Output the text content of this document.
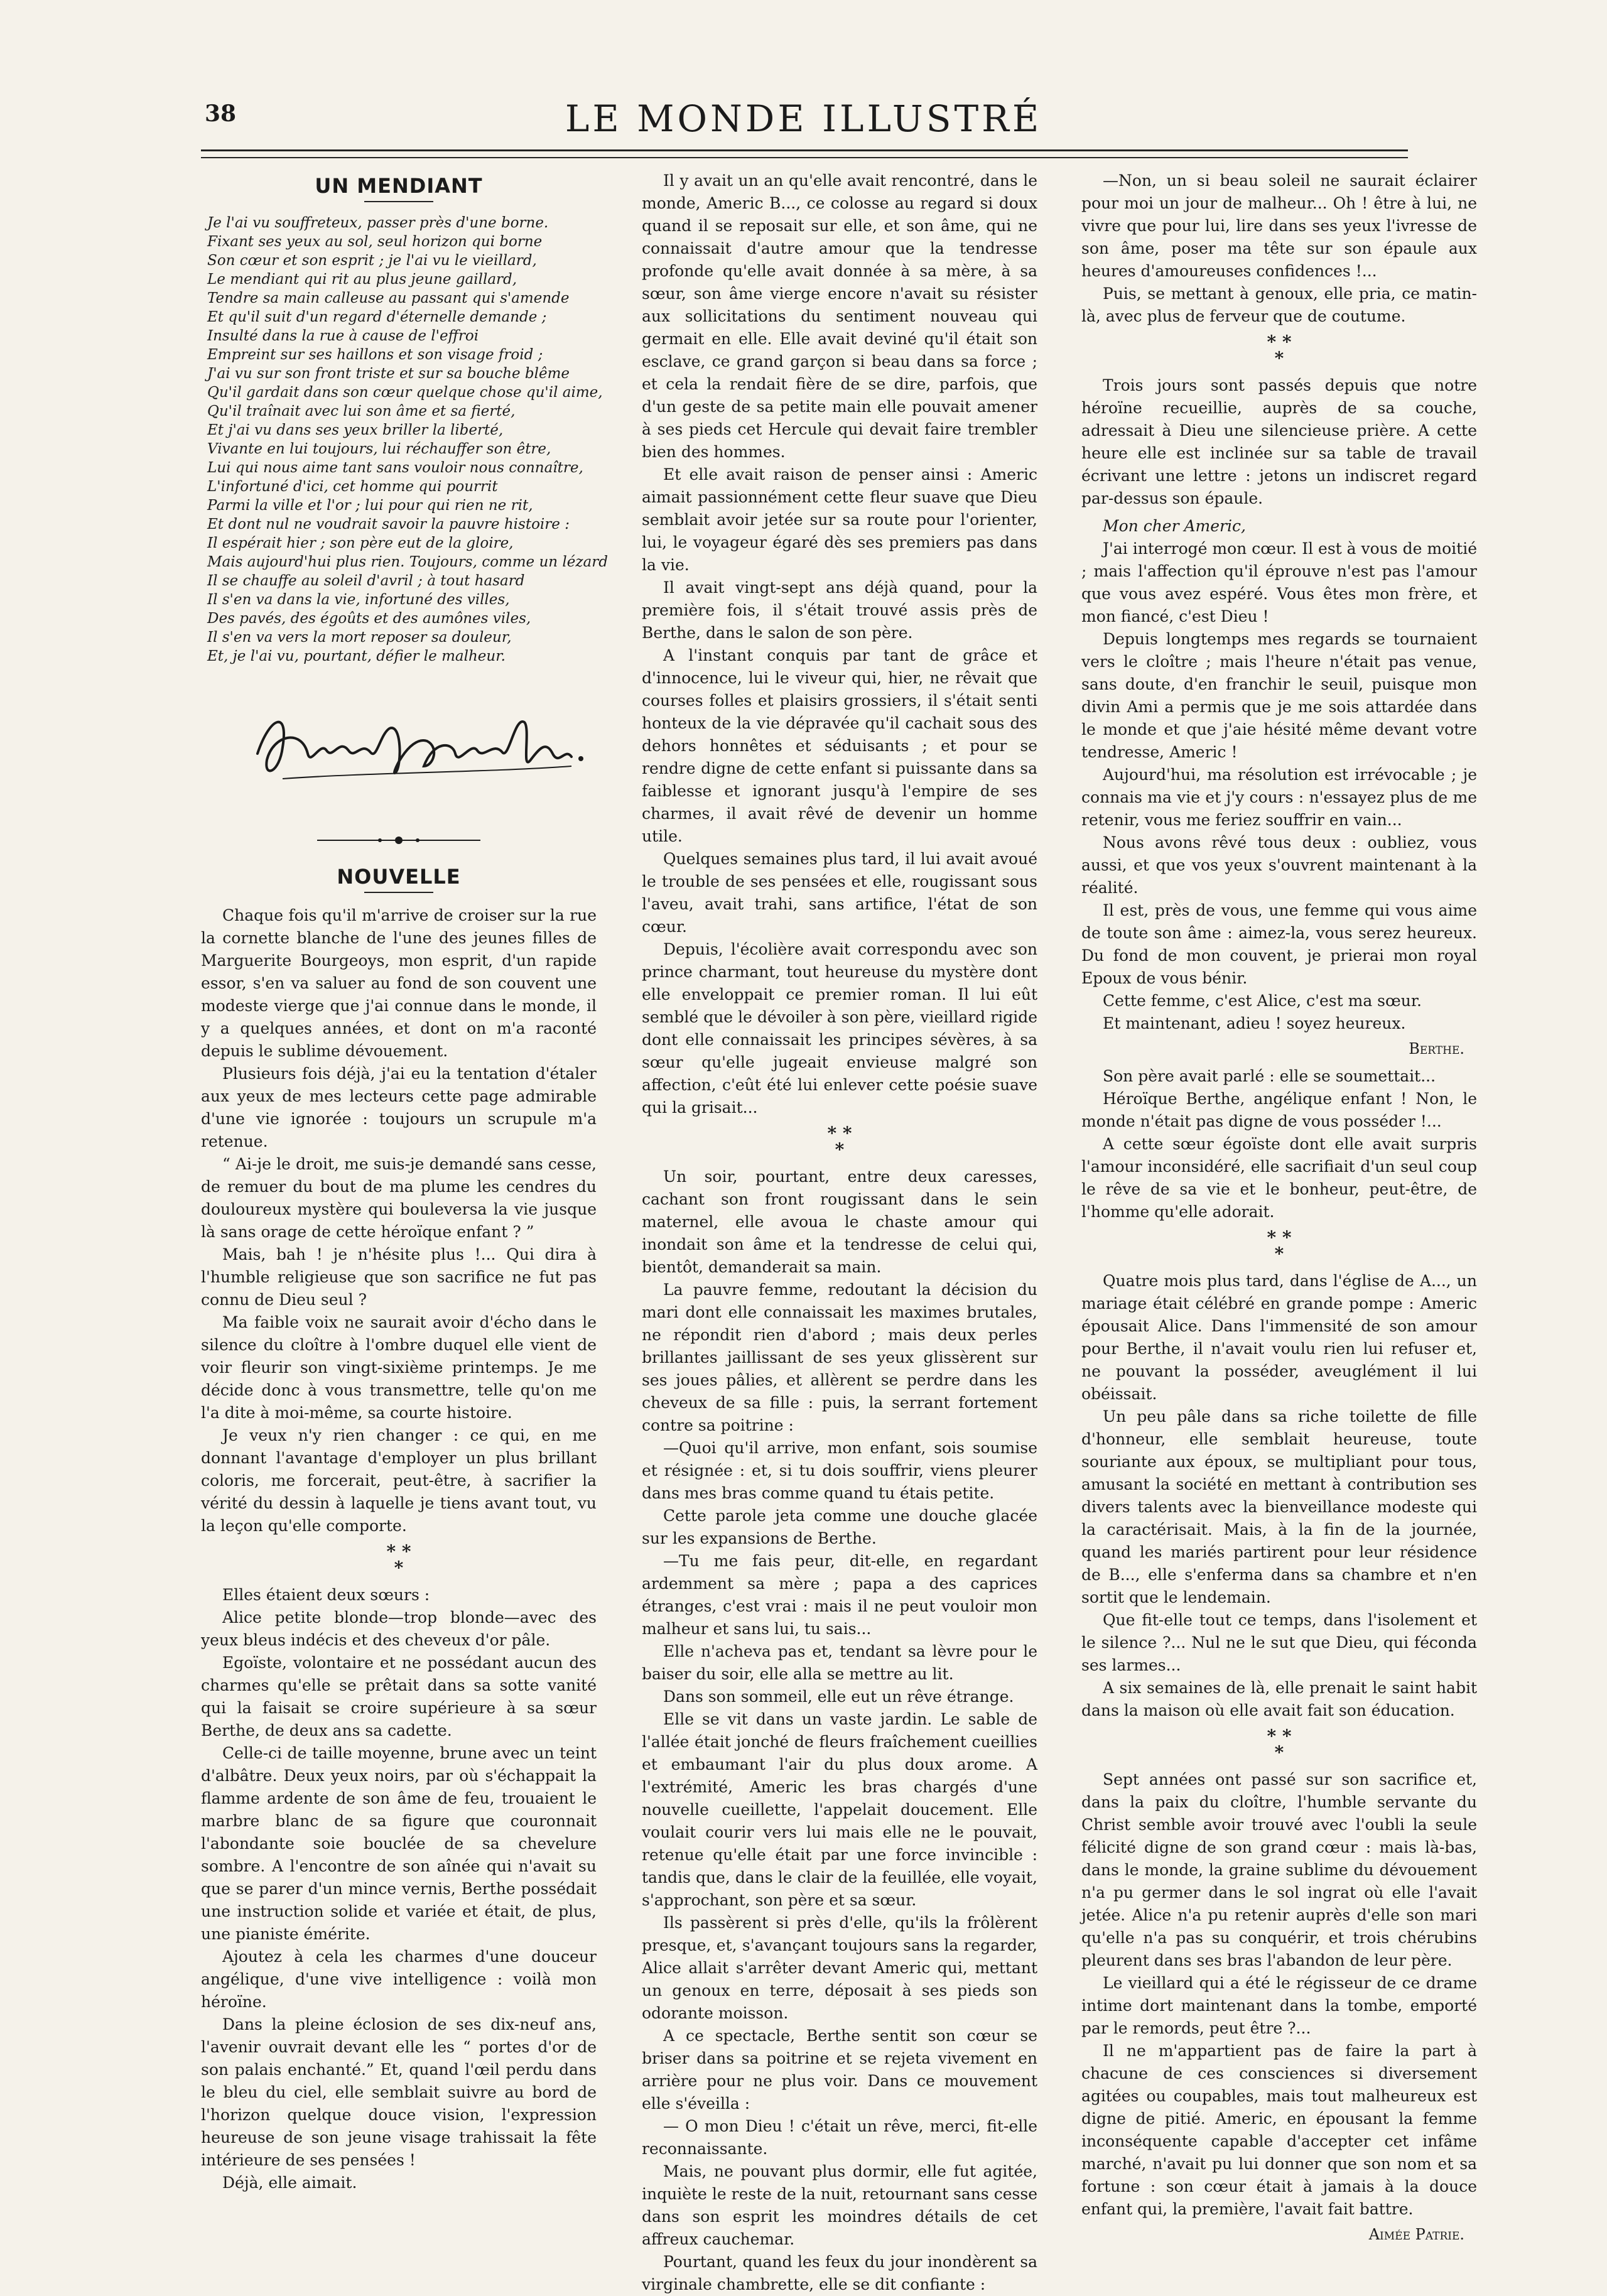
38	LE MONDE ILLUSTRÉ
UN MENDIANT
Je l'ai vu souffreteux, passer près d'une borne.
Fixant ses yeux au sol, seul horizon qui borne
Son cœur et son esprit ; je l'ai vu le vieillard,
Le mendiant qui rit au plus jeune gaillard,
Tendre sa main calleuse au passant qui s'amende
Et qu'il suit d'un regard d'éternelle demande ;
Insulté dans la rue à cause de l'effroi
Empreint sur ses haillons et son visage froid ;
J'ai vu sur son front triste et sur sa bouche blême
Qu'il gardait dans son cœur quelque chose qu'il aime,
Qu'il traînait avec lui son âme et sa fierté,
Et j'ai vu dans ses yeux briller la liberté,
Vivante en lui toujours, lui réchauffer son être,
Lui qui nous aime tant sans vouloir nous connaître,
L'infortuné d'ici, cet homme qui pourrit
Parmi la ville et l'or ; lui pour qui rien ne rit,
Et dont nul ne voudrait savoir la pauvre histoire :
Il espérait hier ; son père eut de la gloire,
Mais aujourd'hui plus rien. Toujours, comme un lézard
Il se chauffe au soleil d'avril ; à tout hasard
Il s'en va dans la vie, infortuné des villes,
Des pavés, des égoûts et des aumônes viles,
Il s'en va vers la mort reposer sa douleur,
Et, je l'ai vu, pourtant, défier le malheur.
NOUVELLE

Chaque fois qu'il m'arrive de croiser sur la rue la cornette blanche de l'une des jeunes filles de Marguerite Bourgeoys, mon esprit, d'un rapide essor, s'en va saluer au fond de son couvent une modeste vierge que j'ai connue dans le monde, il y a quelques années, et dont on m'a raconté depuis le sublime dévouement.

Plusieurs fois déjà, j'ai eu la tentation d'étaler aux yeux de mes lecteurs cette page admirable d'une vie ignorée : toujours un scrupule m'a retenue.

“ Ai-je le droit, me suis-je demandé sans cesse, de remuer du bout de ma plume les cendres du douloureux mystère qui bouleversa la vie jusque là sans orage de cette héroïque enfant ? ”

Mais, bah ! je n'hésite plus !... Qui dira à l'humble religieuse que son sacrifice ne fut pas connu de Dieu seul ?

Ma faible voix ne saurait avoir d'écho dans le silence du cloître à l'ombre duquel elle vient de voir fleurir son vingt-sixième printemps. Je me décide donc à vous transmettre, telle qu'on me l'a dite à moi-même, sa courte histoire.

Je veux n'y rien changer : ce qui, en me donnant l'avantage d'employer un plus brillant coloris, me forcerait, peut-être, à sacrifier la vérité du dessin à laquelle je tiens avant tout, vu la leçon qu'elle comporte.

* *
*

Elles étaient deux sœurs :

Alice petite blonde—trop blonde—avec des yeux bleus indécis et des cheveux d'or pâle.

Egoïste, volontaire et ne possédant aucun des charmes qu'elle se prêtait dans sa sotte vanité qui la faisait se croire supérieure à sa sœur Berthe, de deux ans sa cadette.

Celle-ci de taille moyenne, brune avec un teint d'albâtre. Deux yeux noirs, par où s'échappait la flamme ardente de son âme de feu, trouaient le marbre blanc de sa figure que couronnait l'abondante soie bouclée de sa chevelure sombre. A l'encontre de son aînée qui n'avait su que se parer d'un mince vernis, Berthe possédait une instruction solide et variée et était, de plus, une pianiste émérite.

Ajoutez à cela les charmes d'une douceur angélique, d'une vive intelligence : voilà mon héroïne.

Dans la pleine éclosion de ses dix-neuf ans, l'avenir ouvrait devant elle les “ portes d'or de son palais enchanté.” Et, quand l'œil perdu dans le bleu du ciel, elle semblait suivre au bord de l'horizon quelque douce vision, l'expression heureuse de son jeune visage trahissait la fête intérieure de ses pensées !

Déjà, elle aimait.

Il y avait un an qu'elle avait rencontré, dans le monde, Americ B..., ce colosse au regard si doux quand il se reposait sur elle, et son âme, qui ne connaissait d'autre amour que la tendresse profonde qu'elle avait donnée à sa mère, à sa sœur, son âme vierge encore n'avait su résister aux sollicitations du sentiment nouveau qui germait en elle. Elle avait deviné qu'il était son esclave, ce grand garçon si beau dans sa force ; et cela la rendait fière de se dire, parfois, que d'un geste de sa petite main elle pouvait amener à ses pieds cet Hercule qui devait faire trembler bien des hommes.

Et elle avait raison de penser ainsi : Americ aimait passionnément cette fleur suave que Dieu semblait avoir jetée sur sa route pour l'orienter, lui, le voyageur égaré dès ses premiers pas dans la vie.

Il avait vingt-sept ans déjà quand, pour la première fois, il s'était trouvé assis près de Berthe, dans le salon de son père.

A l'instant conquis par tant de grâce et d'innocence, lui le viveur qui, hier, ne rêvait que courses folles et plaisirs grossiers, il s'était senti honteux de la vie dépravée qu'il cachait sous des dehors honnêtes et séduisants ; et pour se rendre digne de cette enfant si puissante dans sa faiblesse et ignorant jusqu'à l'empire de ses charmes, il avait rêvé de devenir un homme utile.

Quelques semaines plus tard, il lui avait avoué le trouble de ses pensées et elle, rougissant sous l'aveu, avait trahi, sans artifice, l'état de son cœur.

Depuis, l'écolière avait correspondu avec son prince charmant, tout heureuse du mystère dont elle enveloppait ce premier roman. Il lui eût semblé que le dévoiler à son père, vieillard rigide dont elle connaissait les principes sévères, à sa sœur qu'elle jugeait envieuse malgré son affection, c'eût été lui enlever cette poésie suave qui la grisait...

* *
*

Un soir, pourtant, entre deux caresses, cachant son front rougissant dans le sein maternel, elle avoua le chaste amour qui inondait son âme et la tendresse de celui qui, bientôt, demanderait sa main.

La pauvre femme, redoutant la décision du mari dont elle connaissait les maximes brutales, ne répondit rien d'abord ; mais deux perles brillantes jaillissant de ses yeux glissèrent sur ses joues pâlies, et allèrent se perdre dans les cheveux de sa fille : puis, la serrant fortement contre sa poitrine :

—Quoi qu'il arrive, mon enfant, sois soumise et résignée : et, si tu dois souffrir, viens pleurer dans mes bras comme quand tu étais petite.

Cette parole jeta comme une douche glacée sur les expansions de Berthe.

—Tu me fais peur, dit-elle, en regardant ardemment sa mère ; papa a des caprices étranges, c'est vrai : mais il ne peut vouloir mon malheur et sans lui, tu sais...

Elle n'acheva pas et, tendant sa lèvre pour le baiser du soir, elle alla se mettre au lit.

Dans son sommeil, elle eut un rêve étrange.

Elle se vit dans un vaste jardin. Le sable de l'allée était jonché de fleurs fraîchement cueillies et embaumant l'air du plus doux arome. A l'extrémité, Americ les bras chargés d'une nouvelle cueillette, l'appelait doucement. Elle voulait courir vers lui mais elle ne le pouvait, retenue qu'elle était par une force invincible : tandis que, dans le clair de la feuillée, elle voyait, s'approchant, son père et sa sœur.

Ils passèrent si près d'elle, qu'ils la frôlèrent presque, et, s'avançant toujours sans la regarder, Alice allait s'arrêter devant Americ qui, mettant un genoux en terre, déposait à ses pieds son odorante moisson.

A ce spectacle, Berthe sentit son cœur se briser dans sa poitrine et se rejeta vivement en arrière pour ne plus voir. Dans ce mouvement elle s'éveilla :

— O mon Dieu ! c'était un rêve, merci, fit-elle reconnaissante.

Mais, ne pouvant plus dormir, elle fut agitée, inquiète le reste de la nuit, retournant sans cesse dans son esprit les moindres détails de cet affreux cauchemar.

Pourtant, quand les feux du jour inondèrent sa virginale chambrette, elle se dit confiante :

—Non, un si beau soleil ne saurait éclairer pour moi un jour de malheur... Oh ! être à lui, ne vivre que pour lui, lire dans ses yeux l'ivresse de son âme, poser ma tête sur son épaule aux heures d'amoureuses confidences !...

Puis, se mettant à genoux, elle pria, ce matin-là, avec plus de ferveur que de coutume.

* *
*

Trois jours sont passés depuis que notre héroïne recueillie, auprès de sa couche, adressait à Dieu une silencieuse prière. A cette heure elle est inclinée sur sa table de travail écrivant une lettre : jetons un indiscret regard par-dessus son épaule.

Mon cher Americ,

J'ai interrogé mon cœur. Il est à vous de moitié ; mais l'affection qu'il éprouve n'est pas l'amour que vous avez espéré. Vous êtes mon frère, et mon fiancé, c'est Dieu !

Depuis longtemps mes regards se tournaient vers le cloître ; mais l'heure n'était pas venue, sans doute, d'en franchir le seuil, puisque mon divin Ami a permis que je me sois attardée dans le monde et que j'aie hésité même devant votre tendresse, Americ !

Aujourd'hui, ma résolution est irrévocable ; je connais ma vie et j'y cours : n'essayez plus de me retenir, vous me feriez souffrir en vain...

Nous avons rêvé tous deux : oubliez, vous aussi, et que vos yeux s'ouvrent maintenant à la réalité.

Il est, près de vous, une femme qui vous aime de toute son âme : aimez-la, vous serez heureux. Du fond de mon couvent, je prierai mon royal Epoux de vous bénir.

Cette femme, c'est Alice, c'est ma sœur.

Et maintenant, adieu ! soyez heureux.

Berthe.

Son père avait parlé : elle se soumettait...

Héroïque Berthe, angélique enfant ! Non, le monde n'était pas digne de vous posséder !...

A cette sœur égoïste dont elle avait surpris l'amour inconsidéré, elle sacrifiait d'un seul coup le rêve de sa vie et le bonheur, peut-être, de l'homme qu'elle adorait.

* *
*

Quatre mois plus tard, dans l'église de A..., un mariage était célébré en grande pompe : Americ épousait Alice. Dans l'immensité de son amour pour Berthe, il n'avait voulu rien lui refuser et, ne pouvant la posséder, aveuglément il lui obéissait.

Un peu pâle dans sa riche toilette de fille d'honneur, elle semblait heureuse, toute souriante aux époux, se multipliant pour tous, amusant la société en mettant à contribution ses divers talents avec la bienveillance modeste qui la caractérisait. Mais, à la fin de la journée, quand les mariés partirent pour leur résidence de B..., elle s'enferma dans sa chambre et n'en sortit que le lendemain.

Que fit-elle tout ce temps, dans l'isolement et le silence ?... Nul ne le sut que Dieu, qui féconda ses larmes...

A six semaines de là, elle prenait le saint habit dans la maison où elle avait fait son éducation.

* *
*

Sept années ont passé sur son sacrifice et, dans la paix du cloître, l'humble servante du Christ semble avoir trouvé avec l'oubli la seule félicité digne de son grand cœur : mais là-bas, dans le monde, la graine sublime du dévouement n'a pu germer dans le sol ingrat où elle l'avait jetée. Alice n'a pu retenir auprès d'elle son mari qu'elle n'a pas su conquérir, et trois chérubins pleurent dans ses bras l'abandon de leur père.

Le vieillard qui a été le régisseur de ce drame intime dort maintenant dans la tombe, emporté par le remords, peut être ?...

Il ne m'appartient pas de faire la part à chacune de ces consciences si diversement agitées ou coupables, mais tout malheureux est digne de pitié. Americ, en épousant la femme inconséquente capable d'accepter cet infâme marché, n'avait pu lui donner que son nom et sa fortune : son cœur était à jamais à la douce enfant qui, la première, l'avait fait battre.

Aimée Patrie.
